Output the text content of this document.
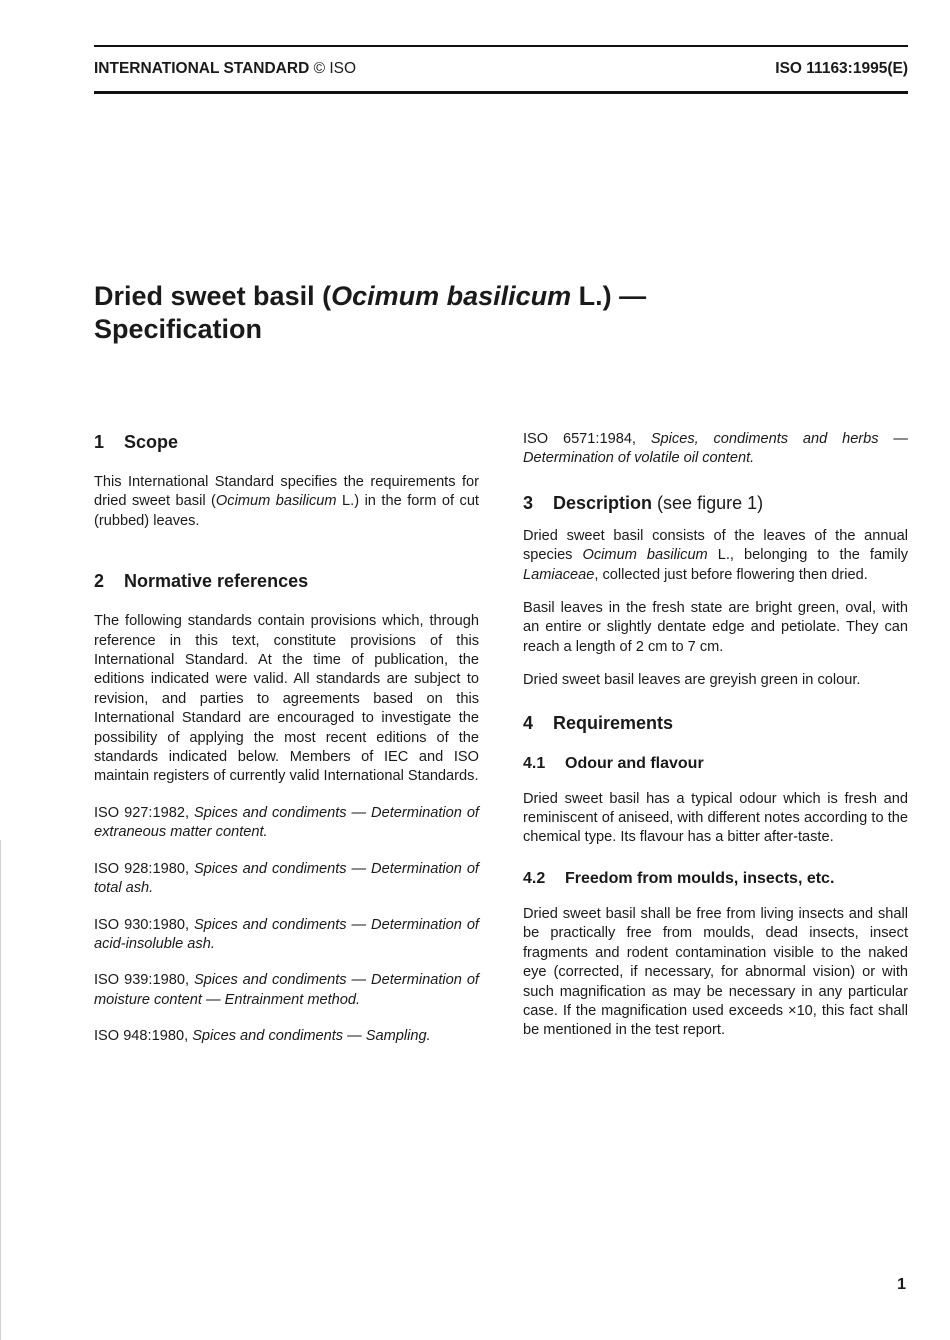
INTERNATIONAL STANDARD © ISO	ISO 11163:1995(E)
Dried sweet basil (Ocimum basilicum L.) —
Specification
1 Scope

This International Standard specifies the requirements for dried sweet basil (Ocimum basilicum L.) in the form of cut (rubbed) leaves.

2 Normative references

The following standards contain provisions which, through reference in this text, constitute provisions of this International Standard. At the time of publication, the editions indicated were valid. All standards are subject to revision, and parties to agreements based on this International Standard are encouraged to investigate the possibility of applying the most recent editions of the standards indicated below. Members of IEC and ISO maintain registers of currently valid International Standards.

ISO 927:1982, Spices and condiments — Determination of extraneous matter content.

ISO 928:1980, Spices and condiments — Determination of total ash.

ISO 930:1980, Spices and condiments — Determination of acid-insoluble ash.

ISO 939:1980, Spices and condiments — Determination of moisture content — Entrainment method.

ISO 948:1980, Spices and condiments — Sampling.

ISO 6571:1984, Spices, condiments and herbs — Determination of volatile oil content.

3 Description (see figure 1)

Dried sweet basil consists of the leaves of the annual species Ocimum basilicum L., belonging to the family Lamiaceae, collected just before flowering then dried.

Basil leaves in the fresh state are bright green, oval, with an entire or slightly dentate edge and petiolate. They can reach a length of 2 cm to 7 cm.

Dried sweet basil leaves are greyish green in colour.

4 Requirements
4.1 Odour and flavour

Dried sweet basil has a typical odour which is fresh and reminiscent of aniseed, with different notes according to the chemical type. Its flavour has a bitter after-taste.

4.2 Freedom from moulds, insects, etc.

Dried sweet basil shall be free from living insects and shall be practically free from moulds, dead insects, insect fragments and rodent contamination visible to the naked eye (corrected, if necessary, for abnormal vision) or with such magnification as may be necessary in any particular case. If the magnification used exceeds ×10, this fact shall be mentioned in the test report.

1
